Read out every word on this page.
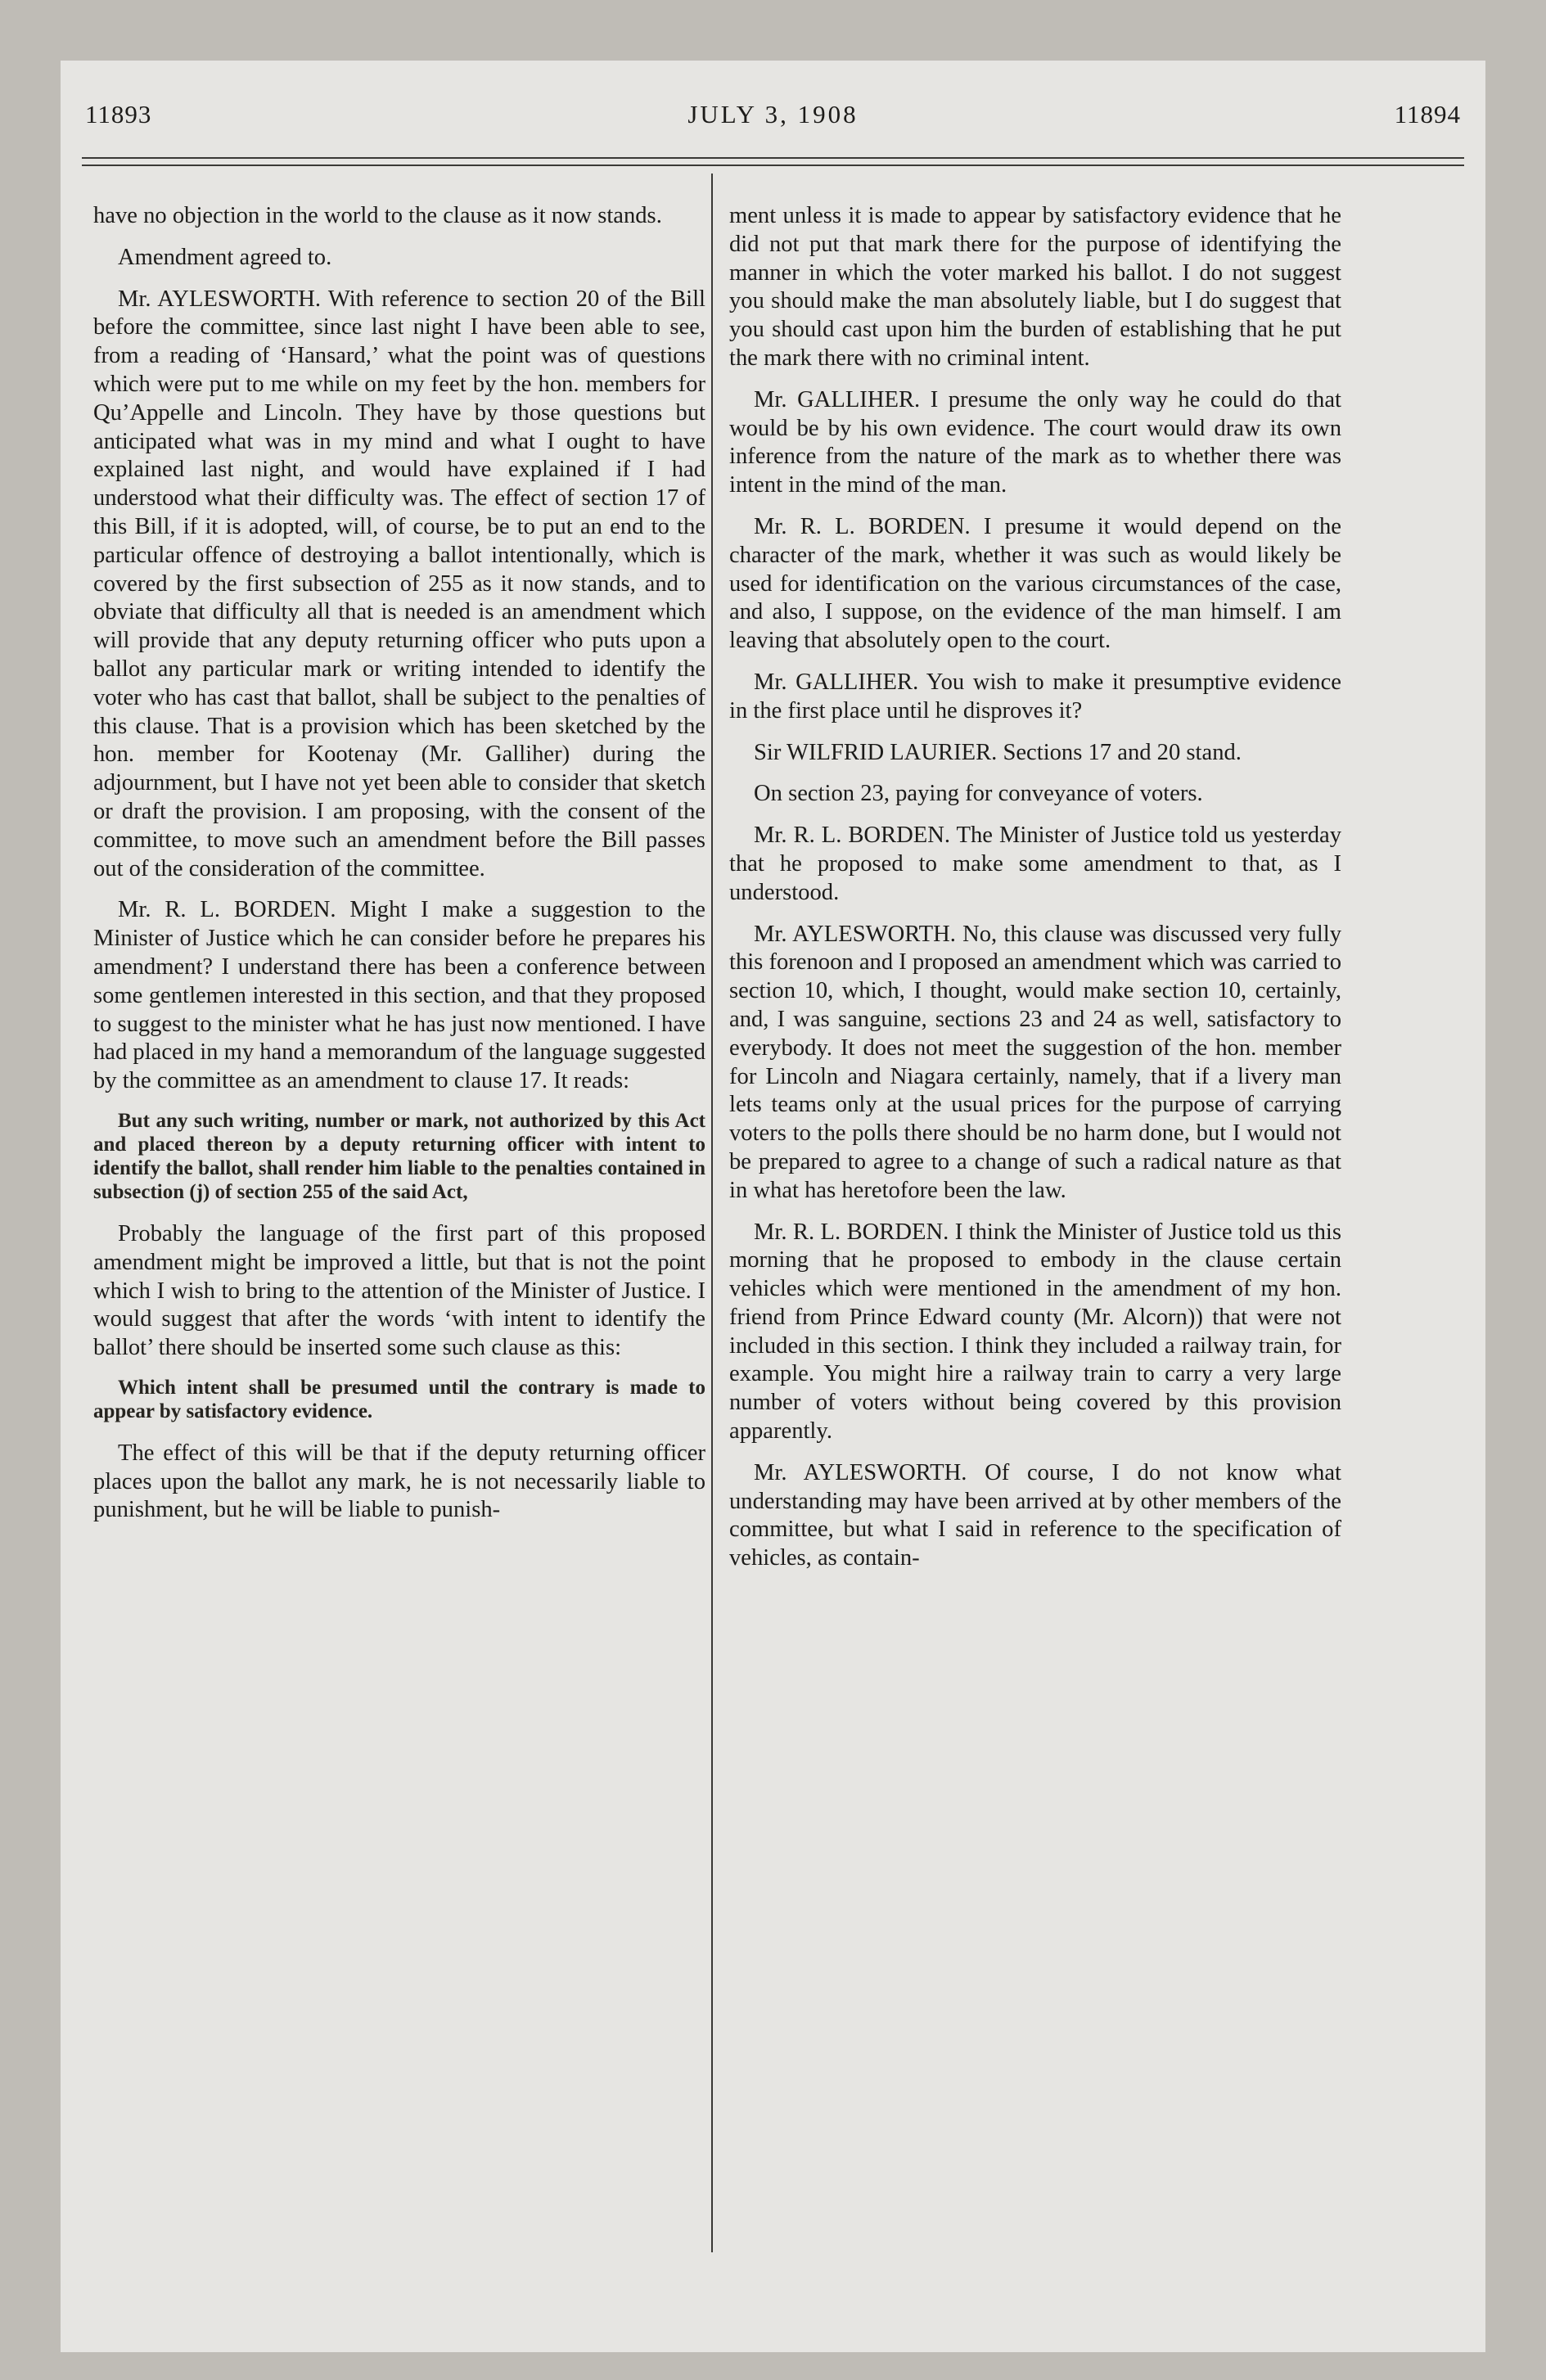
11893	JULY 3, 1908	11894

have no objection in the world to the clause as it now stands.

Amendment agreed to.

Mr. AYLESWORTH. With reference to section 20 of the Bill before the committee, since last night I have been able to see, from a reading of ‘Hansard,’ what the point was of questions which were put to me while on my feet by the hon. members for Qu’Appelle and Lincoln. They have by those questions but anticipated what was in my mind and what I ought to have explained last night, and would have explained if I had understood what their difficulty was. The effect of section 17 of this Bill, if it is adopted, will, of course, be to put an end to the particular offence of destroying a ballot intentionally, which is covered by the first subsection of 255 as it now stands, and to obviate that difficulty all that is needed is an amendment which will provide that any deputy returning officer who puts upon a ballot any particular mark or writing intended to identify the voter who has cast that ballot, shall be subject to the penalties of this clause. That is a provision which has been sketched by the hon. member for Kootenay (Mr. Galliher) during the adjournment, but I have not yet been able to consider that sketch or draft the provision. I am proposing, with the consent of the committee, to move such an amendment before the Bill passes out of the consideration of the committee.

Mr. R. L. BORDEN. Might I make a suggestion to the Minister of Justice which he can consider before he prepares his amendment? I understand there has been a conference between some gentlemen interested in this section, and that they proposed to suggest to the minister what he has just now mentioned. I have had placed in my hand a memorandum of the language suggested by the committee as an amendment to clause 17. It reads:

But any such writing, number or mark, not authorized by this Act and placed thereon by a deputy returning officer with intent to identify the ballot, shall render him liable to the penalties contained in subsection (j) of section 255 of the said Act,

Probably the language of the first part of this proposed amendment might be improved a little, but that is not the point which I wish to bring to the attention of the Minister of Justice. I would suggest that after the words ‘with intent to identify the ballot’ there should be inserted some such clause as this:

Which intent shall be presumed until the contrary is made to appear by satisfactory evidence.

The effect of this will be that if the deputy returning officer places upon the ballot any mark, he is not necessarily liable to punishment, but he will be liable to punish-

ment unless it is made to appear by satisfactory evidence that he did not put that mark there for the purpose of identifying the manner in which the voter marked his ballot. I do not suggest you should make the man absolutely liable, but I do suggest that you should cast upon him the burden of establishing that he put the mark there with no criminal intent.

Mr. GALLIHER. I presume the only way he could do that would be by his own evidence. The court would draw its own inference from the nature of the mark as to whether there was intent in the mind of the man.

Mr. R. L. BORDEN. I presume it would depend on the character of the mark, whether it was such as would likely be used for identification on the various circumstances of the case, and also, I suppose, on the evidence of the man himself. I am leaving that absolutely open to the court.

Mr. GALLIHER. You wish to make it presumptive evidence in the first place until he disproves it?

Sir WILFRID LAURIER. Sections 17 and 20 stand.

On section 23, paying for conveyance of voters.

Mr. R. L. BORDEN. The Minister of Justice told us yesterday that he proposed to make some amendment to that, as I understood.

Mr. AYLESWORTH. No, this clause was discussed very fully this forenoon and I proposed an amendment which was carried to section 10, which, I thought, would make section 10, certainly, and, I was sanguine, sections 23 and 24 as well, satisfactory to everybody. It does not meet the suggestion of the hon. member for Lincoln and Niagara certainly, namely, that if a livery man lets teams only at the usual prices for the purpose of carrying voters to the polls there should be no harm done, but I would not be prepared to agree to a change of such a radical nature as that in what has heretofore been the law.

Mr. R. L. BORDEN. I think the Minister of Justice told us this morning that he proposed to embody in the clause certain vehicles which were mentioned in the amendment of my hon. friend from Prince Edward county (Mr. Alcorn)) that were not included in this section. I think they included a railway train, for example. You might hire a railway train to carry a very large number of voters without being covered by this provision apparently.

Mr. AYLESWORTH. Of course, I do not know what understanding may have been arrived at by other members of the committee, but what I said in reference to the specification of vehicles, as contain-
